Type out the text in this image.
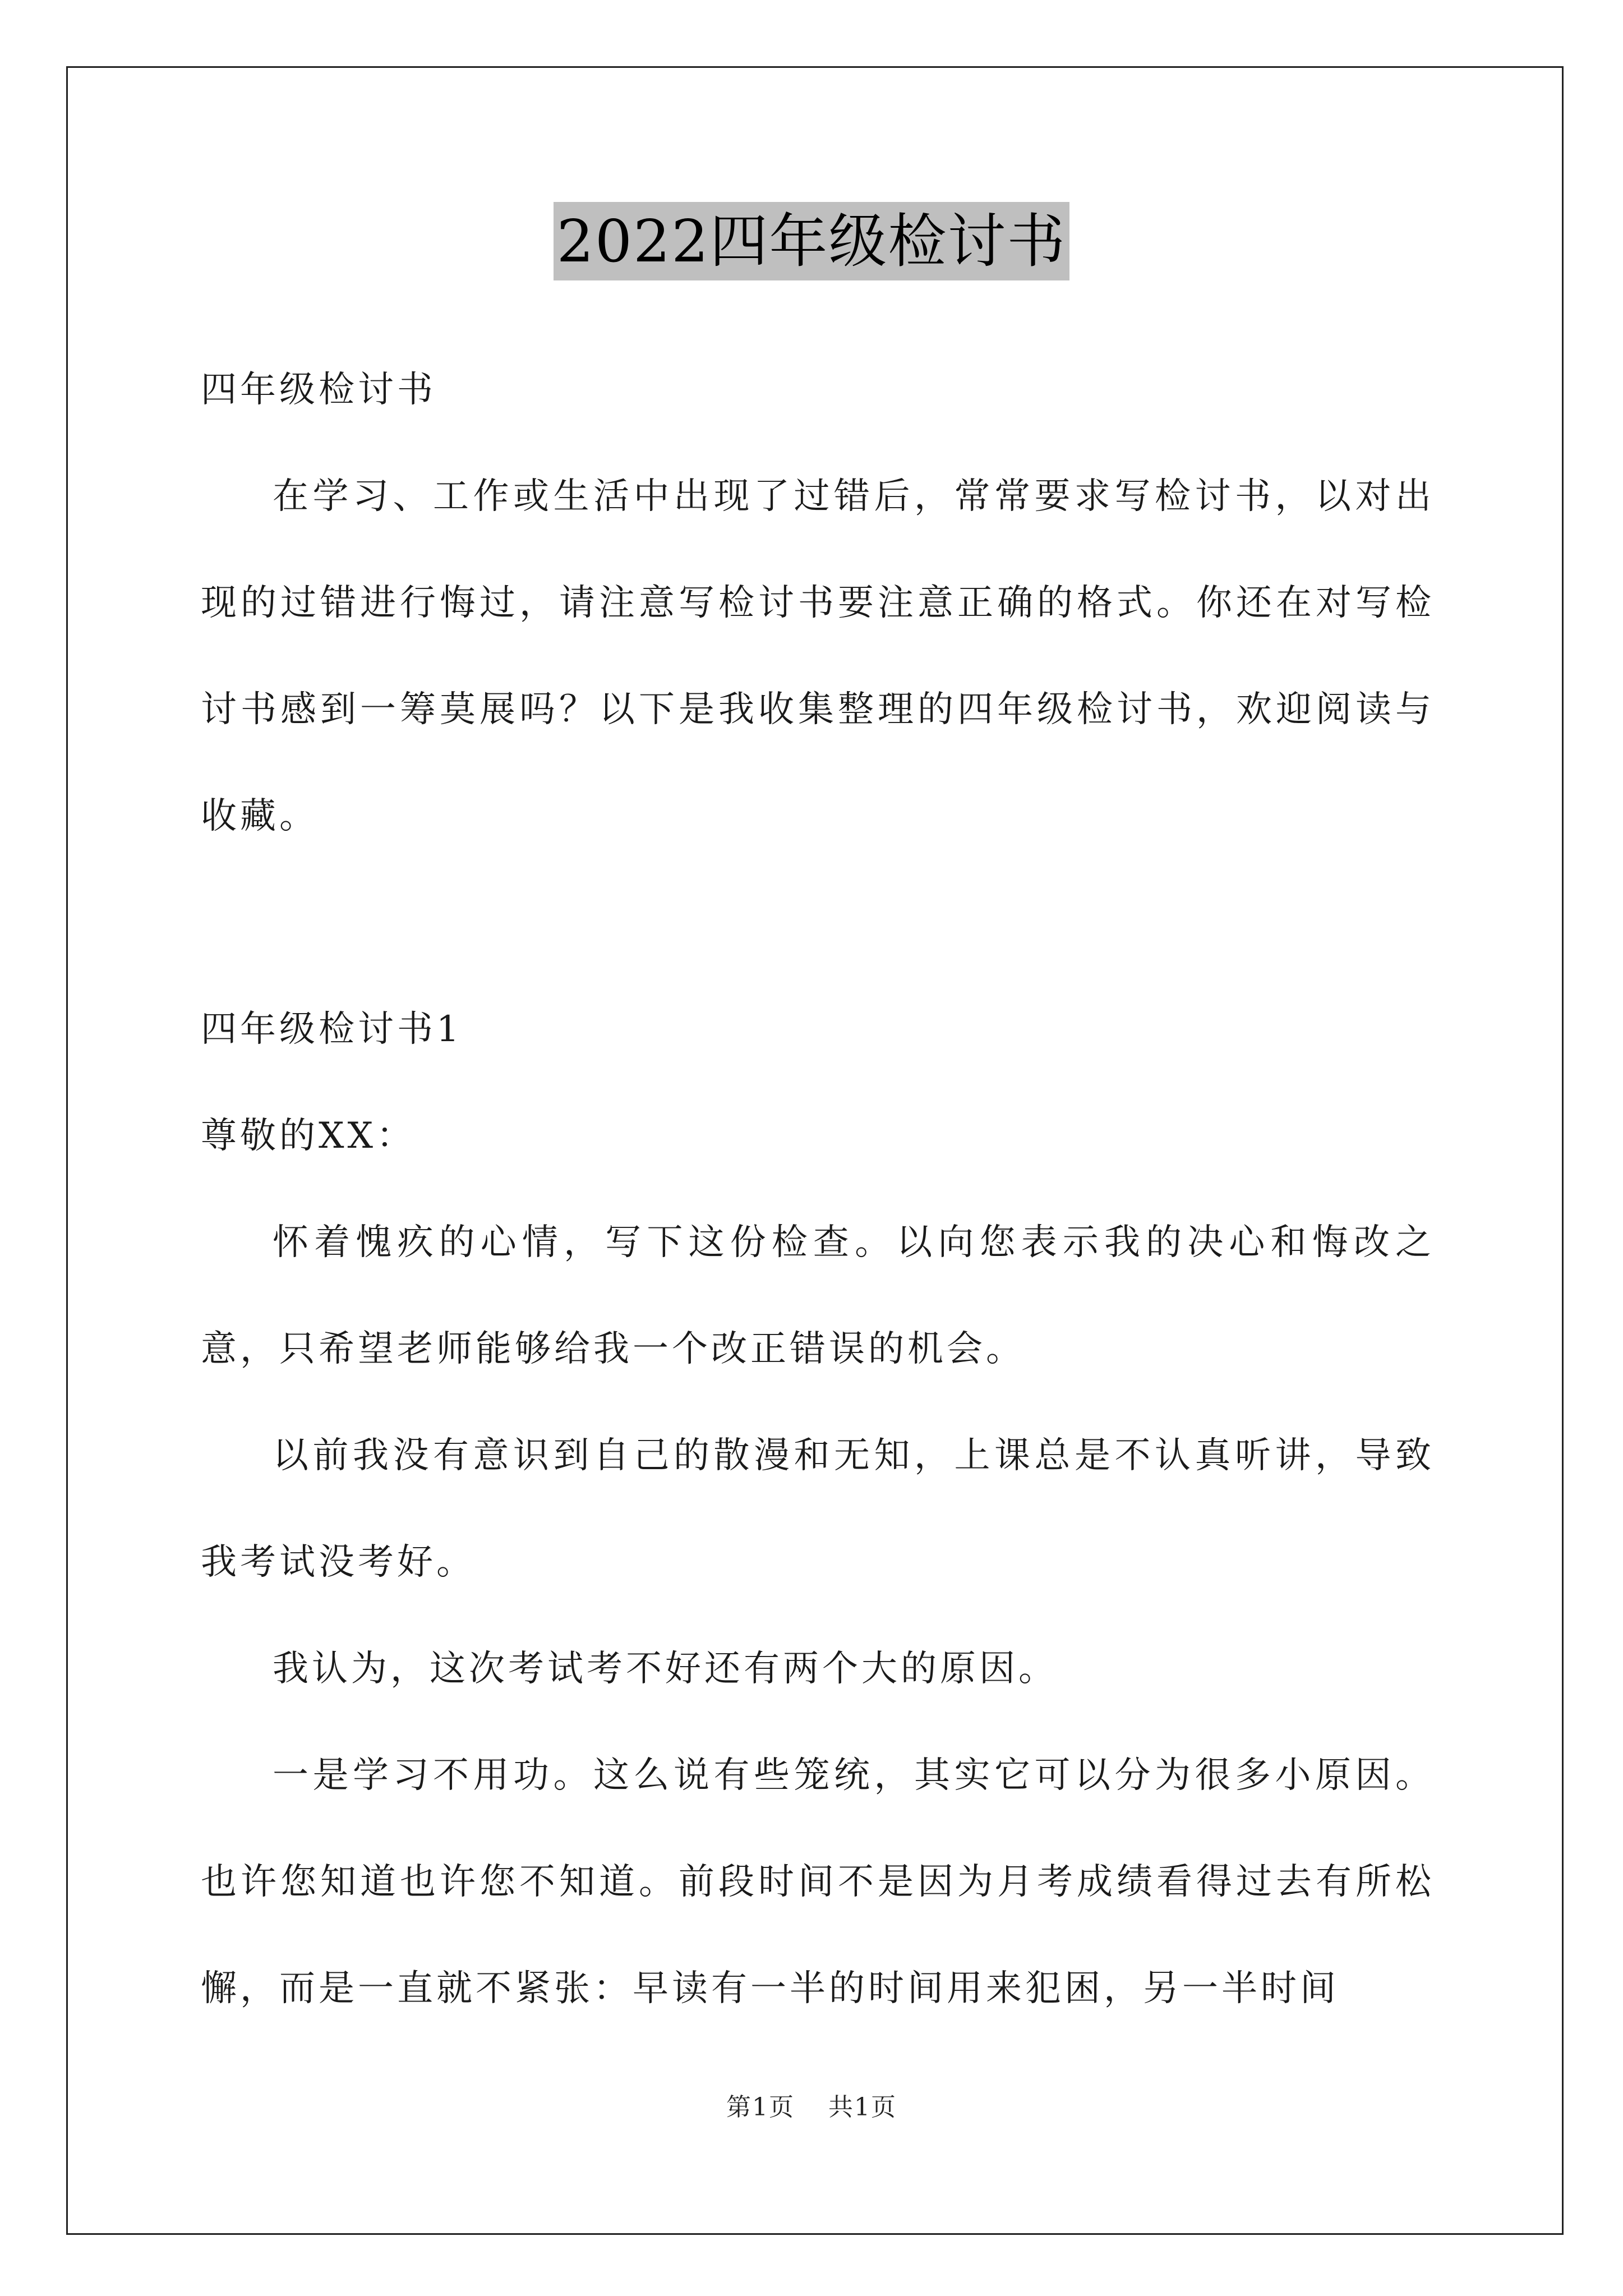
2022四年级检讨书

四年级检讨书

在学习、工作或生活中出现了过错后，常常要求写检讨书，以对出现的过错进行悔过，请注意写检讨书要注意正确的格式。你还在对写检讨书感到一筹莫展吗？以下是我收集整理的四年级检讨书，欢迎阅读与收藏。

四年级检讨书1

尊敬的XX：

怀着愧疚的心情，写下这份检查。以向您表示我的决心和悔改之意，只希望老师能够给我一个改正错误的机会。

以前我没有意识到自己的散漫和无知，上课总是不认真听讲，导致我考试没考好。

我认为，这次考试考不好还有两个大的原因。

一是学习不用功。这么说有些笼统，其实它可以分为很多小原因。也许您知道也许您不知道。前段时间不是因为月考成绩看得过去有所松懈，而是一直就不紧张：早读有一半的时间用来犯困，另一半时间

第1页 共1页
